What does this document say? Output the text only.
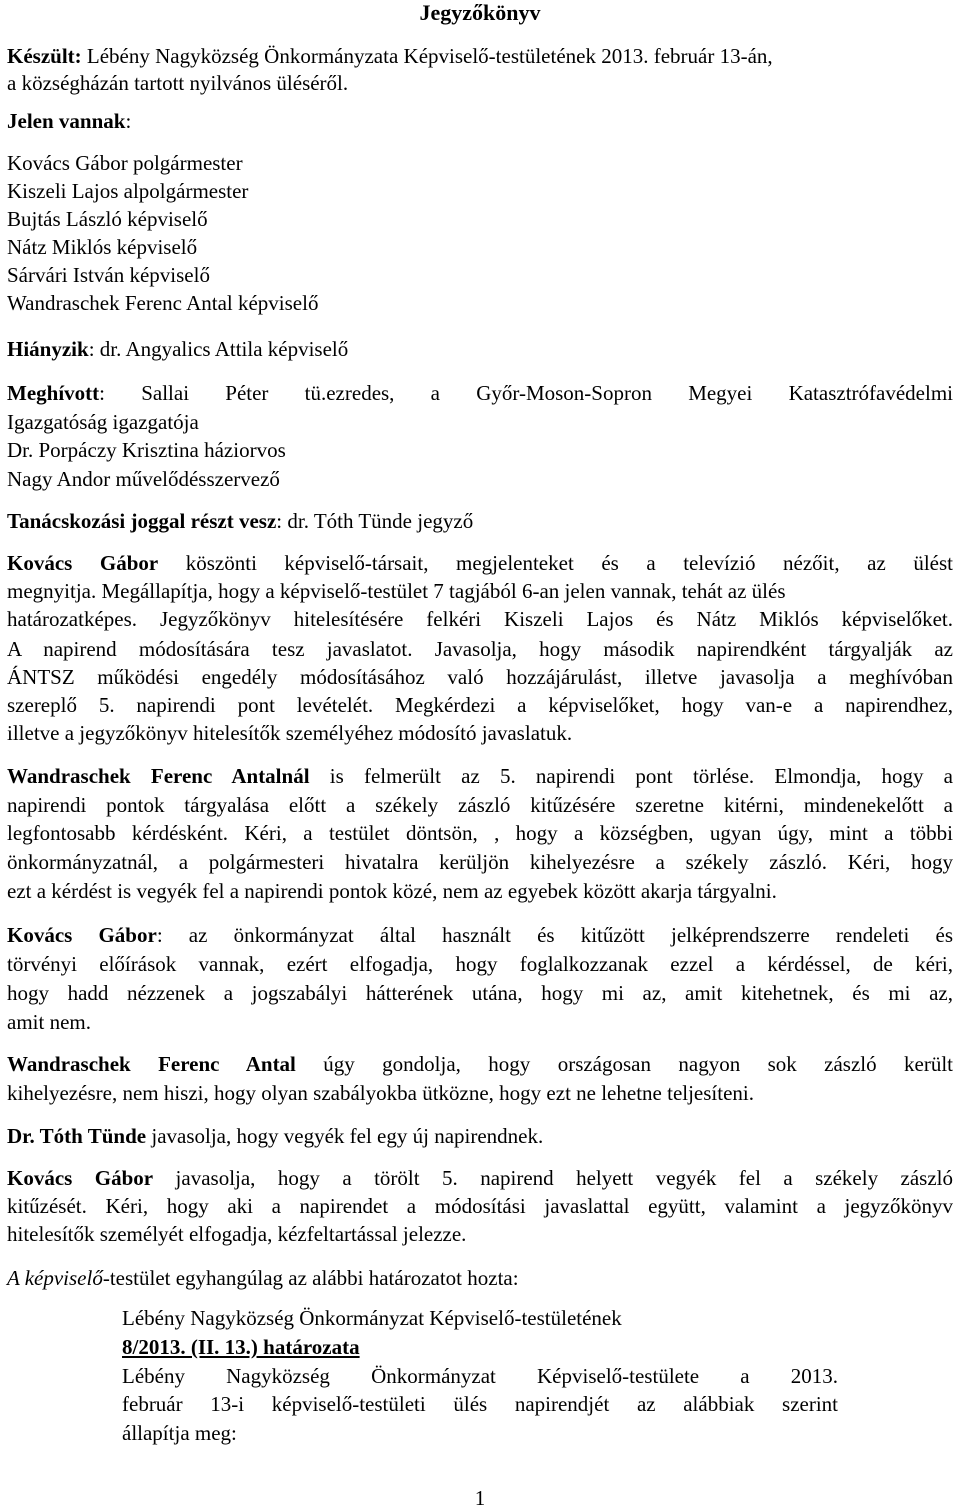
Jegyzőkönyv
Készült: Lébény Nagyközség Önkormányzata Képviselő-testületének 2013. február 13-án,
a községházán tartott nyilvános üléséről.
Jelen vannak:
Kovács Gábor polgármester
Kiszeli Lajos alpolgármester
Bujtás László képviselő
Nátz Miklós képviselő
Sárvári István képviselő
Wandraschek Ferenc Antal képviselő
Hiányzik: dr. Angyalics Attila képviselő
Meghívott: Sallai Péter tü.ezredes, a Győr-Moson-Sopron Megyei Katasztrófavédelmi
Igazgatóság igazgatója
Dr. Porpáczy Krisztina háziorvos
Nagy Andor művelődésszervező
Tanácskozási joggal részt vesz: dr. Tóth Tünde jegyző
Kovács Gábor köszönti képviselő-társait, megjelenteket és a televízió nézőit, az ülést
megnyitja. Megállapítja, hogy a képviselő-testület 7 tagjából 6-an jelen vannak, tehát az ülés
határozatképes. Jegyzőkönyv hitelesítésére felkéri Kiszeli Lajos és Nátz Miklós képviselőket.
A napirend módosítására tesz javaslatot. Javasolja, hogy második napirendként tárgyalják az
ÁNTSZ működési engedély módosításához való hozzájárulást, illetve javasolja a meghívóban
szereplő 5. napirendi pont levételét. Megkérdezi a képviselőket, hogy van-e a napirendhez,
illetve a jegyzőkönyv hitelesítők személyéhez módosító javaslatuk.
Wandraschek Ferenc Antalnál is felmerült az 5. napirendi pont törlése. Elmondja, hogy a
napirendi pontok tárgyalása előtt a székely zászló kitűzésére szeretne kitérni, mindenekelőtt a
legfontosabb kérdésként. Kéri, a testület döntsön, , hogy a községben, ugyan úgy, mint a többi
önkormányzatnál, a polgármesteri hivatalra kerüljön kihelyezésre a székely zászló. Kéri, hogy
ezt a kérdést is vegyék fel a napirendi pontok közé, nem az egyebek között akarja tárgyalni.
Kovács Gábor: az önkormányzat által használt és kitűzött jelképrendszerre rendeleti és
törvényi előírások vannak, ezért elfogadja, hogy foglalkozzanak ezzel a kérdéssel, de kéri,
hogy hadd nézzenek a jogszabályi hátterének utána, hogy mi az, amit kitehetnek, és mi az,
amit nem.
Wandraschek Ferenc Antal úgy gondolja, hogy országosan nagyon sok zászló került
kihelyezésre, nem hiszi, hogy olyan szabályokba ütközne, hogy ezt ne lehetne teljesíteni.
Dr. Tóth Tünde javasolja, hogy vegyék fel egy új napirendnek.
Kovács Gábor javasolja, hogy a törölt 5. napirend helyett vegyék fel a székely zászló
kitűzését. Kéri, hogy aki a napirendet a módosítási javaslattal együtt, valamint a jegyzőkönyv
hitelesítők személyét elfogadja, kézfeltartással jelezze.
A képviselő-testület egyhangúlag az alábbi határozatot hozta:
Lébény Nagyközség Önkormányzat Képviselő-testületének
8/2013. (II. 13.) határozata
Lébény Nagyközség Önkormányzat Képviselő-testülete a 2013.
február 13-i képviselő-testületi ülés napirendjét az alábbiak szerint
állapítja meg:
1
